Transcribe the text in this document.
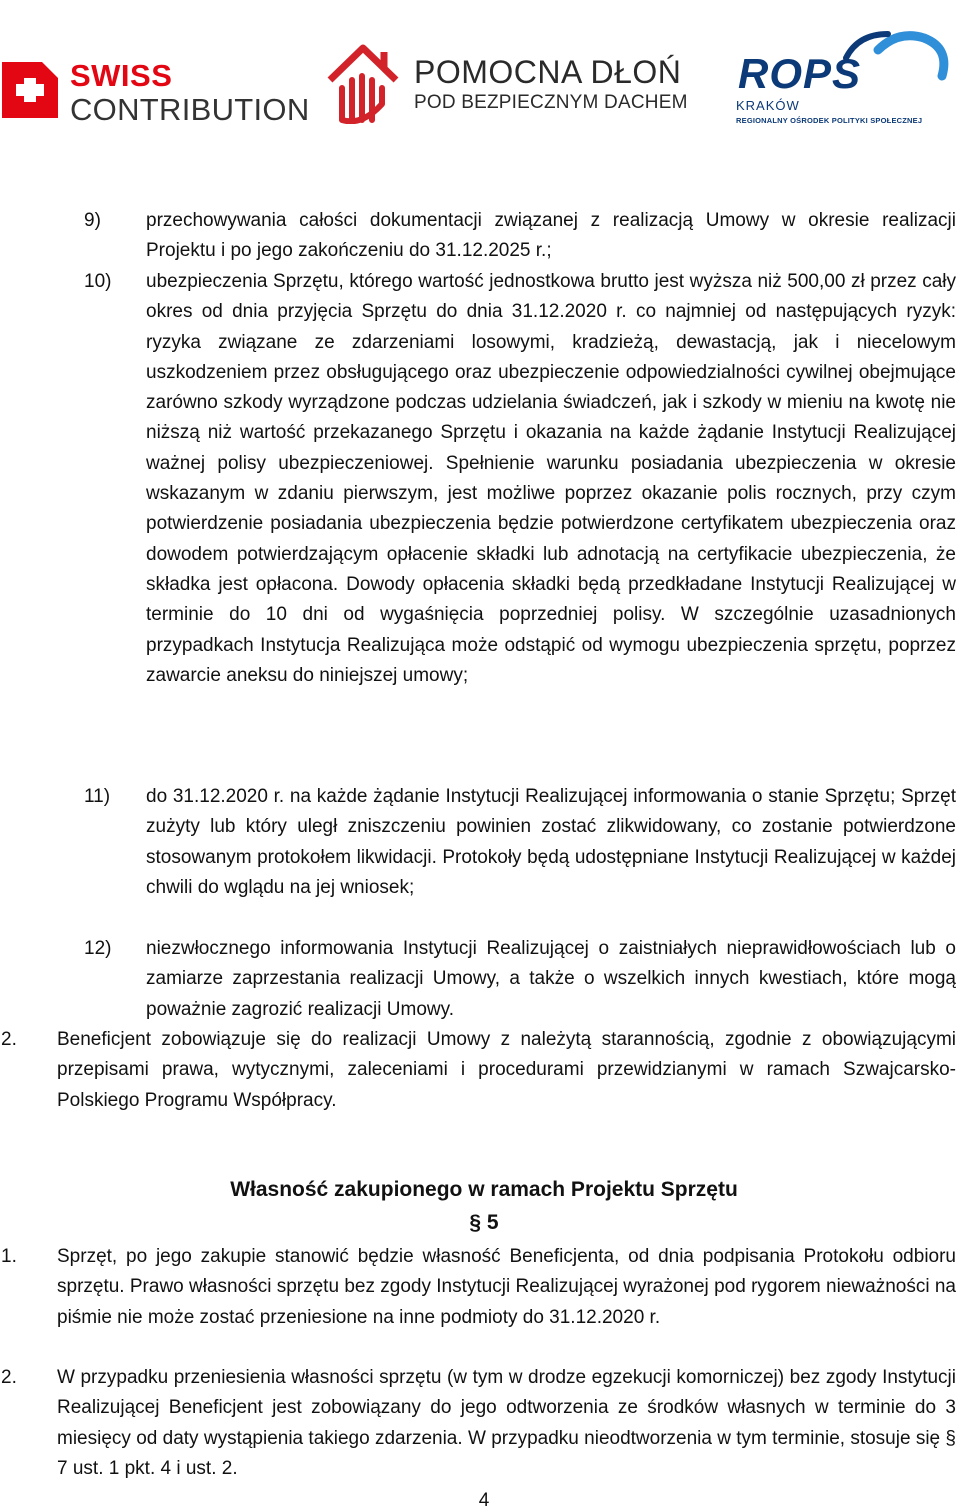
SWISS
CONTRIBUTION
POMOCNA DŁOŃ
POD BEZPIECZNYM DACHEM
ROPS
KRAKÓW
REGIONALNY OŚRODEK POLITYKI SPOŁECZNEJ
9) przechowywania całości dokumentacji związanej z realizacją Umowy w okresie realizacji Projektu i po jego zakończeniu do 31.12.2025 r.;
10) ubezpieczenia Sprzętu, którego wartość jednostkowa brutto jest wyższa niż 500,00 zł przez cały okres od dnia przyjęcia Sprzętu do dnia 31.12.2020 r. co najmniej od następujących ryzyk: ryzyka związane ze zdarzeniami losowymi, kradzieżą, dewastacją, jak i niecelowym uszkodzeniem przez obsługującego oraz ubezpieczenie odpowiedzialności cywilnej obejmujące zarówno szkody wyrządzone podczas udzielania świadczeń, jak i szkody w mieniu na kwotę nie niższą niż wartość przekazanego Sprzętu i okazania na każde żądanie Instytucji Realizującej ważnej polisy ubezpieczeniowej. Spełnienie warunku posiadania ubezpieczenia w okresie wskazanym w zdaniu pierwszym, jest możliwe poprzez okazanie polis rocznych, przy czym potwierdzenie posiadania ubezpieczenia będzie potwierdzone certyfikatem ubezpieczenia oraz dowodem potwierdzającym opłacenie składki lub adnotacją na certyfikacie ubezpieczenia, że składka jest opłacona. Dowody opłacenia składki będą przedkładane Instytucji Realizującej w terminie do 10 dni od wygaśnięcia poprzedniej polisy. W szczególnie uzasadnionych przypadkach Instytucja Realizująca może odstąpić od wymogu ubezpieczenia sprzętu, poprzez zawarcie aneksu do niniejszej umowy;
11) do 31.12.2020 r. na każde żądanie Instytucji Realizującej informowania o stanie Sprzętu; Sprzęt zużyty lub który uległ zniszczeniu powinien zostać zlikwidowany, co zostanie potwierdzone stosowanym protokołem likwidacji. Protokoły będą udostępniane Instytucji Realizującej w każdej chwili do wglądu na jej wniosek;
12) niezwłocznego informowania Instytucji Realizującej o zaistniałych nieprawidłowościach lub o zamiarze zaprzestania realizacji Umowy, a także o wszelkich innych kwestiach, które mogą poważnie zagrozić realizacji Umowy.
2. Beneficjent zobowiązuje się do realizacji Umowy z należytą starannością, zgodnie z obowiązującymi przepisami prawa, wytycznymi, zaleceniami i procedurami przewidzianymi w ramach Szwajcarsko-Polskiego Programu Współpracy.
Własność zakupionego w ramach Projektu Sprzętu
§ 5
1. Sprzęt, po jego zakupie stanowić będzie własność Beneficjenta, od dnia podpisania Protokołu odbioru sprzętu. Prawo własności sprzętu bez zgody Instytucji Realizującej wyrażonej pod rygorem nieważności na piśmie nie może zostać przeniesione na inne podmioty do 31.12.2020 r.
2. W przypadku przeniesienia własności sprzętu (w tym w drodze egzekucji komorniczej) bez zgody Instytucji Realizującej Beneficjent jest zobowiązany do jego odtworzenia ze środków własnych w terminie do 3 miesięcy od daty wystąpienia takiego zdarzenia. W przypadku nieodtworzenia w tym terminie, stosuje się § 7 ust. 1 pkt. 4 i ust. 2.
4
